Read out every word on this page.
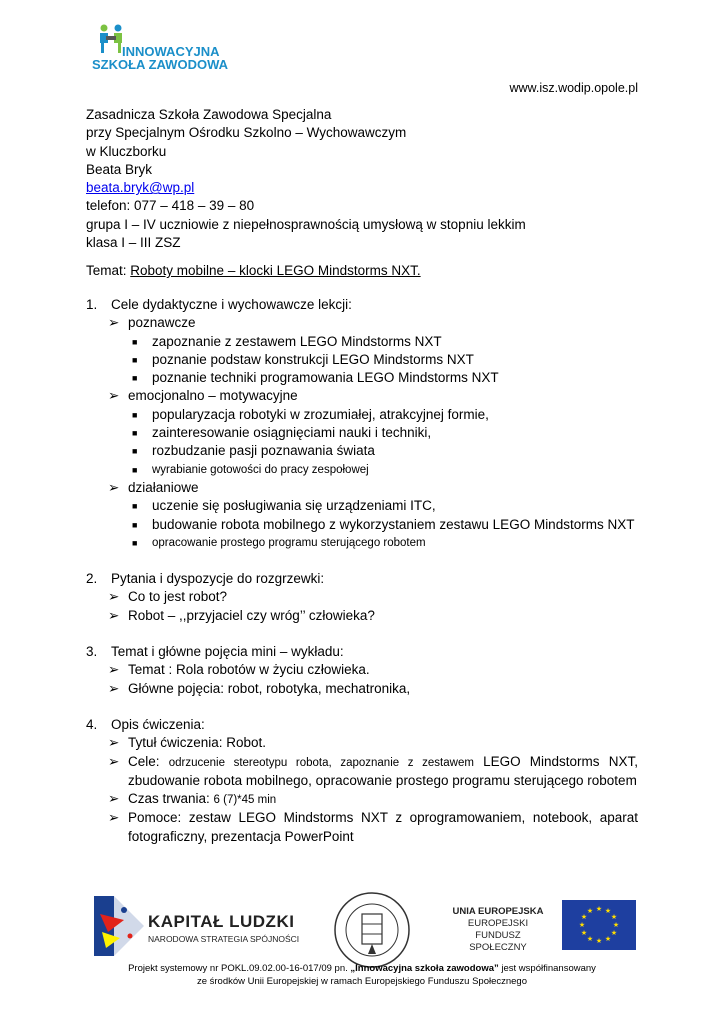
INNOWACYJNA
SZKOŁA ZAWODOWA
www.isz.wodip.opole.pl
Zasadnicza Szkoła Zawodowa Specjalna
przy Specjalnym Ośrodku Szkolno – Wychowawczym
w Kluczborku
Beata Bryk
beata.bryk@wp.pl
telefon: 077 – 418 – 39 – 80
grupa I – IV uczniowie z niepełnosprawnością umysłową w stopniu lekkim
klasa I – III ZSZ
Temat: Roboty mobilne – klocki LEGO Mindstorms NXT.
1.	Cele dydaktyczne i wychowawcze lekcji:
➢ poznawcze
■	zapoznanie z zestawem LEGO Mindstorms NXT
■	poznanie podstaw konstrukcji LEGO Mindstorms NXT
■	poznanie techniki programowania LEGO Mindstorms NXT
➢ emocjonalno – motywacyjne
■	popularyzacja robotyki w zrozumiałej, atrakcyjnej formie,
■	zainteresowanie osiągnięciami nauki i techniki,
■	rozbudzanie pasji poznawania świata
■	wyrabianie gotowości do pracy zespołowej
➢ działaniowe
■	uczenie się posługiwania się urządzeniami ITC,
■	budowanie robota mobilnego z wykorzystaniem zestawu LEGO Mindstorms NXT
■	opracowanie prostego programu sterującego robotem
2.	Pytania i dyspozycje do rozgrzewki:
➢ Co to jest robot?
➢ Robot – ,,przyjaciel czy wróg’’ człowieka?
3.	Temat i główne pojęcia mini – wykładu:
➢ Temat : Rola robotów w życiu człowieka.
➢ Główne pojęcia: robot, robotyka, mechatronika,
4.	Opis ćwiczenia:
➢ Tytuł ćwiczenia: Robot.
➢ Cele: odrzucenie stereotypu robota, zapoznanie z zestawem LEGO Mindstorms NXT, zbudowanie robota mobilnego, opracowanie prostego programu sterującego robotem
➢ Czas trwania: 6 (7)*45 min
➢ Pomoce: zestaw LEGO Mindstorms NXT z oprogramowaniem, notebook, aparat fotograficzny, prezentacja PowerPoint
KAPITAŁ LUDZKI
NARODOWA STRATEGIA SPÓJNOŚCI
UNIA EUROPEJSKA
EUROPEJSKI
FUNDUSZ SPOŁECZNY
★ ★
★
★
★
★
★
★
★
★
★
★
Projekt systemowy nr POKL.09.02.00-16-017/09 pn. „Innowacyjna szkoła zawodowa” jest współfinansowany
ze środków Unii Europejskiej w ramach Europejskiego Funduszu Społecznego
